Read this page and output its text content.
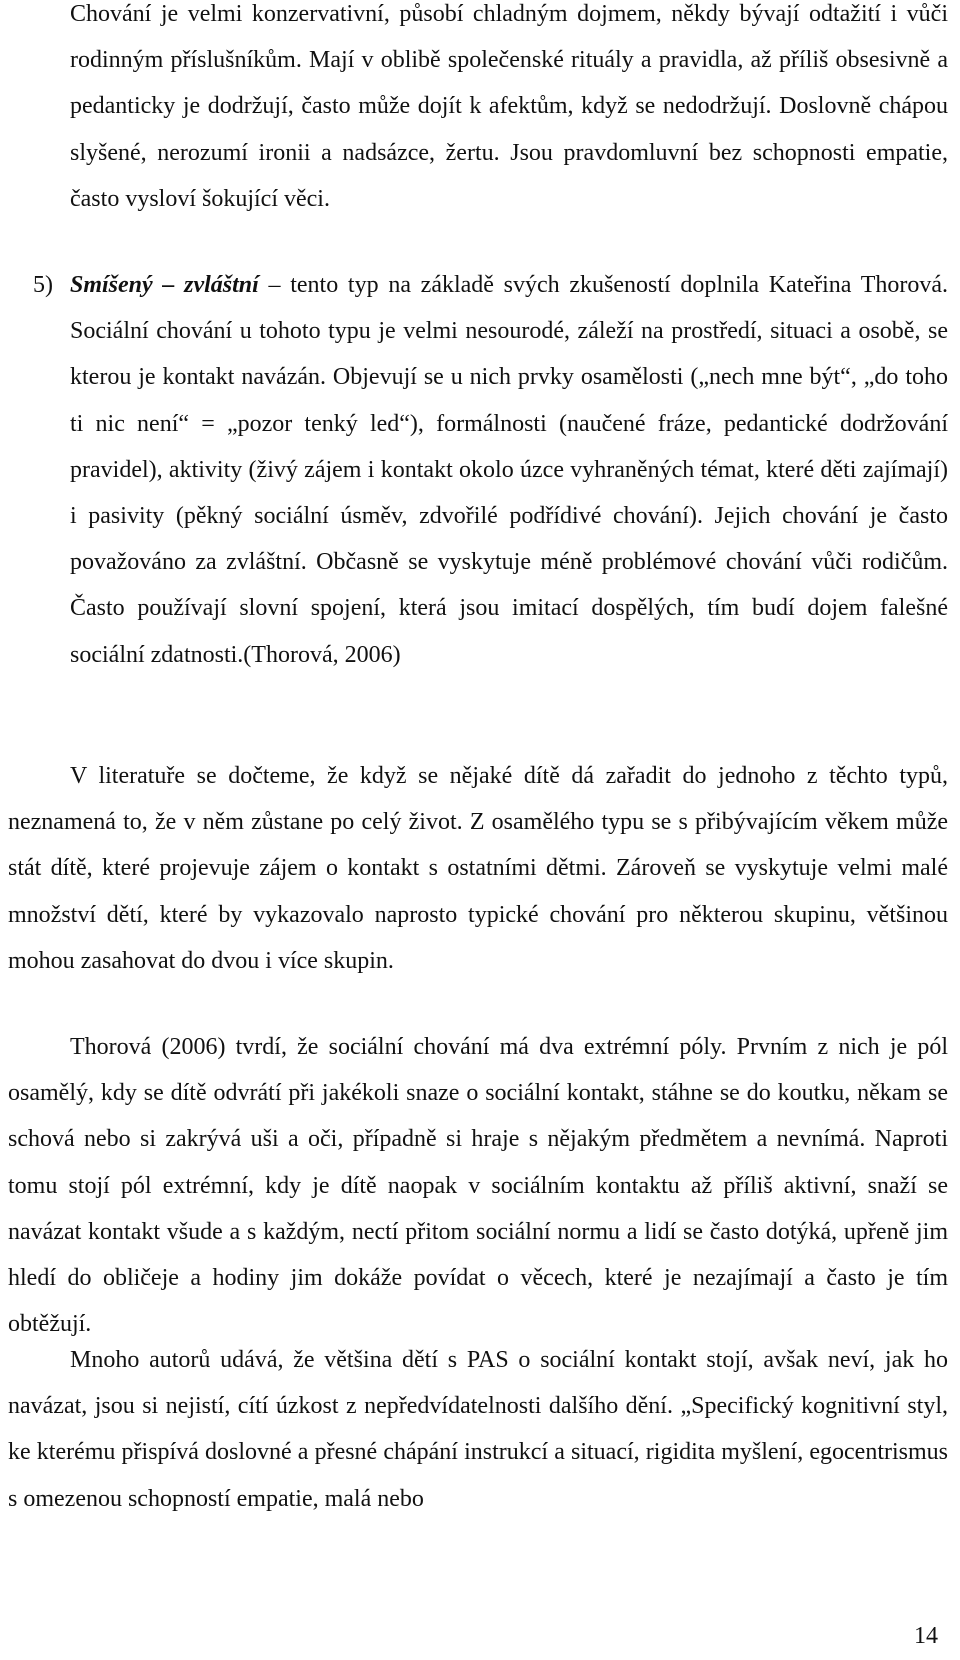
Chování je velmi konzervativní, působí chladným dojmem, někdy bývají odtažití i vůči rodinným příslušníkům. Mají v oblibě společenské rituály a pravidla, až příliš obsesivně a pedanticky je dodržují, často může dojít k afektům, když se nedodržují. Doslovně chápou slyšené, nerozumí ironii a nadsázce, žertu. Jsou pravdomluvní bez schopnosti empatie, často vysloví šokující věci.

5) Smíšený – zvláštní – tento typ na základě svých zkušeností doplnila Kateřina Thorová. Sociální chování u tohoto typu je velmi nesourodé, záleží na prostředí, situaci a osobě, se kterou je kontakt navázán. Objevují se u nich prvky osamělosti („nech mne být“, „do toho ti nic není“ = „pozor tenký led“), formálnosti (naučené fráze, pedantické dodržování pravidel), aktivity (živý zájem i kontakt okolo úzce vyhraněných témat, které děti zajímají) i pasivity (pěkný sociální úsměv, zdvořilé podřídivé chování). Jejich chování je často považováno za zvláštní. Občasně se vyskytuje méně problémové chování vůči rodičům. Často používají slovní spojení, která jsou imitací dospělých, tím budí dojem falešné sociální zdatnosti.(Thorová, 2006)

V literatuře se dočteme, že když se nějaké dítě dá zařadit do jednoho z těchto typů, neznamená to, že v něm zůstane po celý život. Z osamělého typu se s přibývajícím věkem může stát dítě, které projevuje zájem o kontakt s ostatními dětmi. Zároveň se vyskytuje velmi malé množství dětí, které by vykazovalo naprosto typické chování pro některou skupinu, většinou mohou zasahovat do dvou i více skupin.

Thorová (2006) tvrdí, že sociální chování má dva extrémní póly. Prvním z nich je pól osamělý, kdy se dítě odvrátí při jakékoli snaze o sociální kontakt, stáhne se do koutku, někam se schová nebo si zakrývá uši a oči, případně si hraje s nějakým předmětem a nevnímá. Naproti tomu stojí pól extrémní, kdy je dítě naopak v sociálním kontaktu až příliš aktivní, snaží se navázat kontakt všude a s každým, nectí přitom sociální normu a lidí se často dotýká, upřeně jim hledí do obličeje a hodiny jim dokáže povídat o věcech, které je nezajímají a často je tím obtěžují.

Mnoho autorů udává, že většina dětí s PAS o sociální kontakt stojí, avšak neví, jak ho navázat, jsou si nejistí, cítí úzkost z nepředvídatelnosti dalšího dění. „Specifický kognitivní styl, ke kterému přispívá doslovné a přesné chápání instrukcí a situací, rigidita myšlení, egocentrismus s omezenou schopností empatie, malá nebo

14
